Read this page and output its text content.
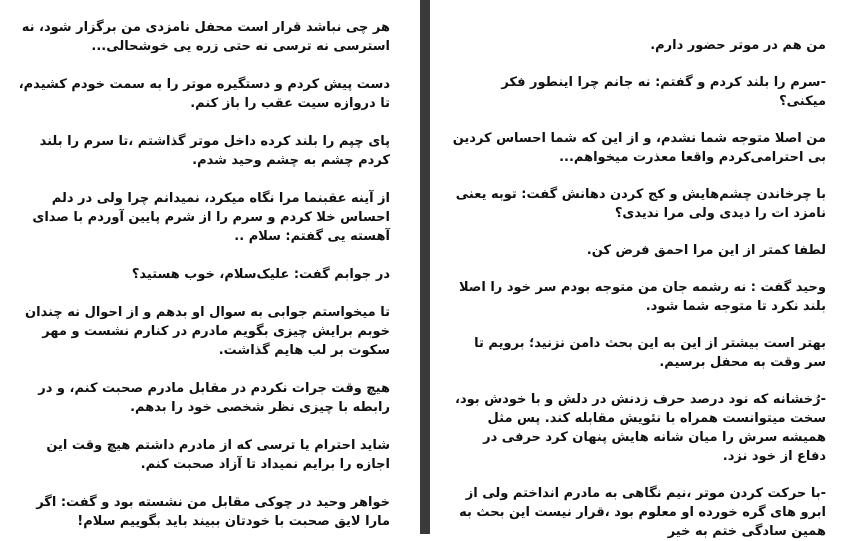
هر چی نباشد قرار است محفل نامزدی من برگزار شود، نه استرسی نه ترسی نه حتی زره یی خوشحالی...

دست پیش کردم و دستگیره موتر را به سمت خودم کشیدم، تا دروازه سیت عقب را باز کنم.

پای چپم را بلند کرده داخل موتر گذاشتم ،تا سرم را بلند کردم چشم به چشم وحید شدم.

از آینه عقبنما مرا نگاه میکرد، نمیدانم چرا ولی در دلم احساس خلا کردم و سرم را از شرم پایین آوردم با صدای آهسته یی گفتم: سلام ..

در جوابم گفت: علیک‌سلام، خوب هستید؟

تا میخواستم جوابی به سوال او بدهم و از احوال نه چندان خوبم برایش چیزی بگویم مادرم در کنارم نشست و مهر سکوت بر لب هایم گذاشت.

هیچ وقت جرات نکردم در مقابل مادرم صحبت کنم، و در رابطه با چیزی نظر شخصی خود را بدهم.

شاید احترام یا ترسی که از مادرم داشتم هیچ وقت این اجازه را برایم نمیداد تا آزاد صحبت کنم.

خواهر وحید در چوکی مقابل من نشسته بود و گفت: اگر مارا لایق صحبت با خودتان ببیند باید بگوییم سلام!

من هم در موتر حضور دارم.

-سرم را بلند کردم و گفتم: نه جانم چرا اینطور فکر میکنی؟

من اصلا متوجه شما نشدم، و از این که شما احساس کردین بی احترامی‌کردم واقعا معذرت میخواهم...

با چرخاندن چشم‌هایش و کج کردن دهانش گفت: توبه یعنی نامزد ات را دیدی ولی مرا ندیدی؟

لطفا کمتر از این مرا احمق فرض کن.

وحید گفت : نه رشمه جان من متوجه بودم سر خود را اصلا بلند نکرد تا متوجه شما شود.

بهتر است بیشتر از این به این بحث دامن نزنید؛ برویم تا سر وقت به محفل برسیم.

-رُخشانه که نود درصد حرف زدنش در دلش و با خودش بود، سخت میتوانست همراه با نئویش مقابله کند. پس مثل همیشه سرش را میان شانه هایش پنهان کرد حرفی در دفاع از خود نزد.

-با حرکت کردن موتر ،نیم نگاهی به مادرم انداختم ولی از ابرو های گره خورده او معلوم بود ،قرار نیست این بحث به همین سادگی ختم به خیر
